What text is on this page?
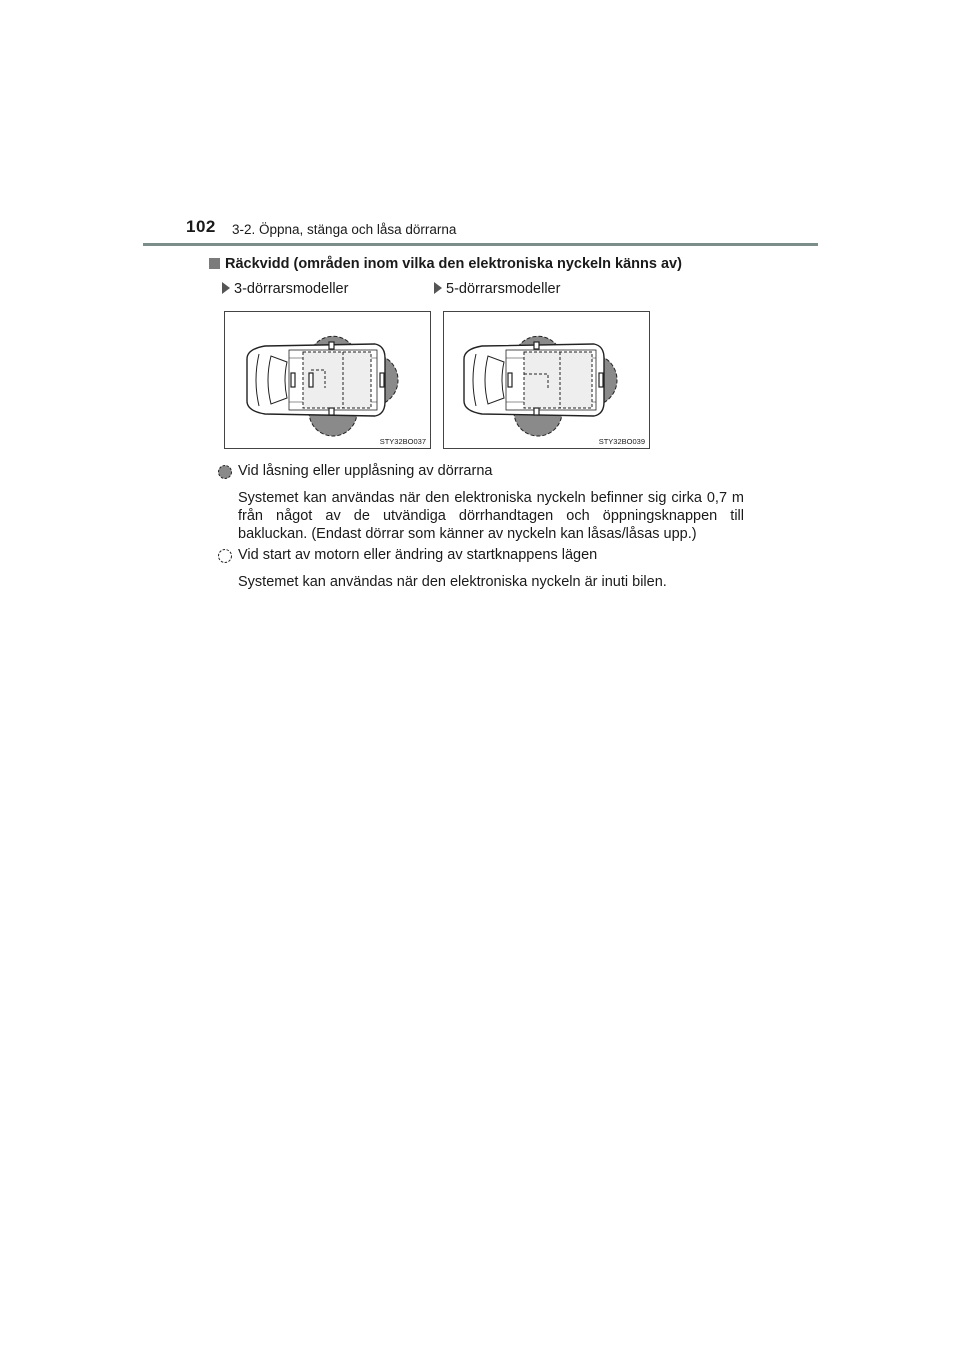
102 3-2. Öppna, stänga och låsa dörrarna
Räckvidd (områden inom vilka den elektroniska nyckeln känns av)
3-dörrarsmodeller	5-dörrarsmodeller
STY32BO037	STY32BO039
Vid låsning eller upplåsning av dörrarna
Systemet kan användas när den elektroniska nyckeln befinner sig cirka 0,7 m från något av de utvändiga dörrhandtagen och öppningsknappen till bakluckan. (Endast dörrar som känner av nyckeln kan låsas/låsas upp.)
Vid start av motorn eller ändring av startknappens lägen
Systemet kan användas när den elektroniska nyckeln är inuti bilen.
